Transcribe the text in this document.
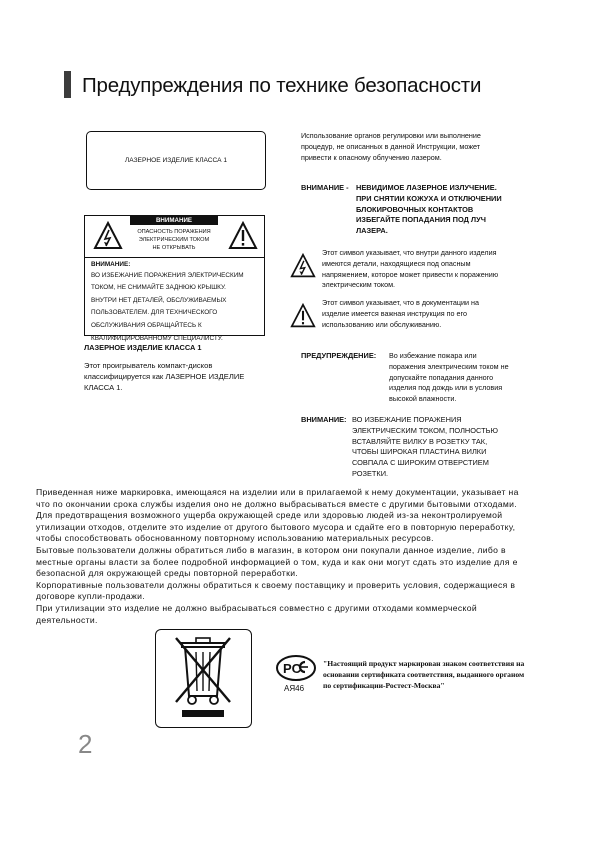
Предупреждения по технике безопасности
ЛАЗЕРНОЕ ИЗДЕЛИЕ КЛАССА 1
ВНИМАНИЕ
ОПАСНОСТЬ ПОРАЖЕНИЯ
ЭЛЕКТРИЧЕСКИМ ТОКОМ
НЕ ОТКРЫВАТЬ
ВНИМАНИЕ:
ВО ИЗБЕЖАНИЕ ПОРАЖЕНИЯ ЭЛЕКТРИЧЕСКИМ
ТОКОМ, НЕ СНИМАЙТЕ ЗАДНЮЮ КРЫШКУ.
ВНУТРИ НЕТ ДЕТАЛЕЙ, ОБСЛУЖИВАЕМЫХ
ПОЛЬЗОВАТЕЛЕМ. ДЛЯ ТЕХНИЧЕСКОГО
ОБСЛУЖИВАНИЯ ОБРАЩАЙТЕСЬ К
КВАЛИФИЦИРОВАННОМУ СПЕЦИАЛИСТУ.
ЛАЗЕРНОЕ ИЗДЕЛИЕ КЛАССА 1
Этот проигрыватель компакт-дисков
классифицируется как ЛАЗЕРНОЕ ИЗДЕЛИЕ
КЛАССА 1.
Использование органов регулировки или выполнение
процедур, не описанных в данной Инструкции, может
привести к опасному облучению лазером.
ВНИМАНИЕ - НЕВИДИМОЕ ЛАЗЕРНОЕ ИЗЛУЧЕНИЕ.
ПРИ СНЯТИИ КОЖУХА И ОТКЛЮЧЕНИИ
БЛОКИРОВОЧНЫХ КОНТАКТОВ
ИЗБЕГАЙТЕ ПОПАДАНИЯ ПОД ЛУЧ
ЛАЗЕРА.
Этот символ указывает, что внутри данного изделия
имеются детали, находящиеся под опасным
напряжением, которое может привести к поражению
электрическим током.
Этот символ указывает, что в документации на
изделие имеется важная инструкция по его
использованию или обслуживанию.
ПРЕДУПРЕЖДЕНИЕ: Во избежание пожара или
поражения электрическим током не
допускайте попадания данного
изделия под дождь или в условия
высокой влажности.
ВНИМАНИЕ: ВО ИЗБЕЖАНИЕ ПОРАЖЕНИЯ
ЭЛЕКТРИЧЕСКИМ ТОКОМ, ПОЛНОСТЬЮ
ВСТАВЛЯЙТЕ ВИЛКУ В РОЗЕТКУ ТАК,
ЧТОБЫ ШИРОКАЯ ПЛАСТИНА ВИЛКИ
СОВПАЛА С ШИРОКИМ ОТВЕРСТИЕМ
РОЗЕТКИ.
Приведенная ниже маркировка, имеющаяся на изделии или в прилагаемой к нему документации, указывает на
что по окончании срока службы изделия оно не должно выбрасываться вместе с другими бытовыми отходами.
Для предотвращения возможного ущерба окружающей среде или здоровью людей из-за неконтролируемой
утилизации отходов, отделите это изделие от другого бытового мусора и сдайте его в повторную переработку,
чтобы способствовать обоснованному повторному использованию материальных ресурсов.
Бытовые пользователи должны обратиться либо в магазин, в котором они покупали данное изделие, либо в
местные органы власти за более подробной информацией о том, куда и как они могут сдать это изделие для е
безопасной для окружающей среды повторной переработки.
Корпоративные пользователи должны обратиться к своему поставщику и проверить условия, содержащиеся в
договоре купли-продажи.
При утилизации это изделие не должно выбрасываться совместно с другими отходами коммерческой
деятельности.
PC
АЯ46
"Настоящий продукт маркирован знаком соответствия на
основании сертификата соответствия, выданного органом
по сертификации-Ростест-Москва"
2
